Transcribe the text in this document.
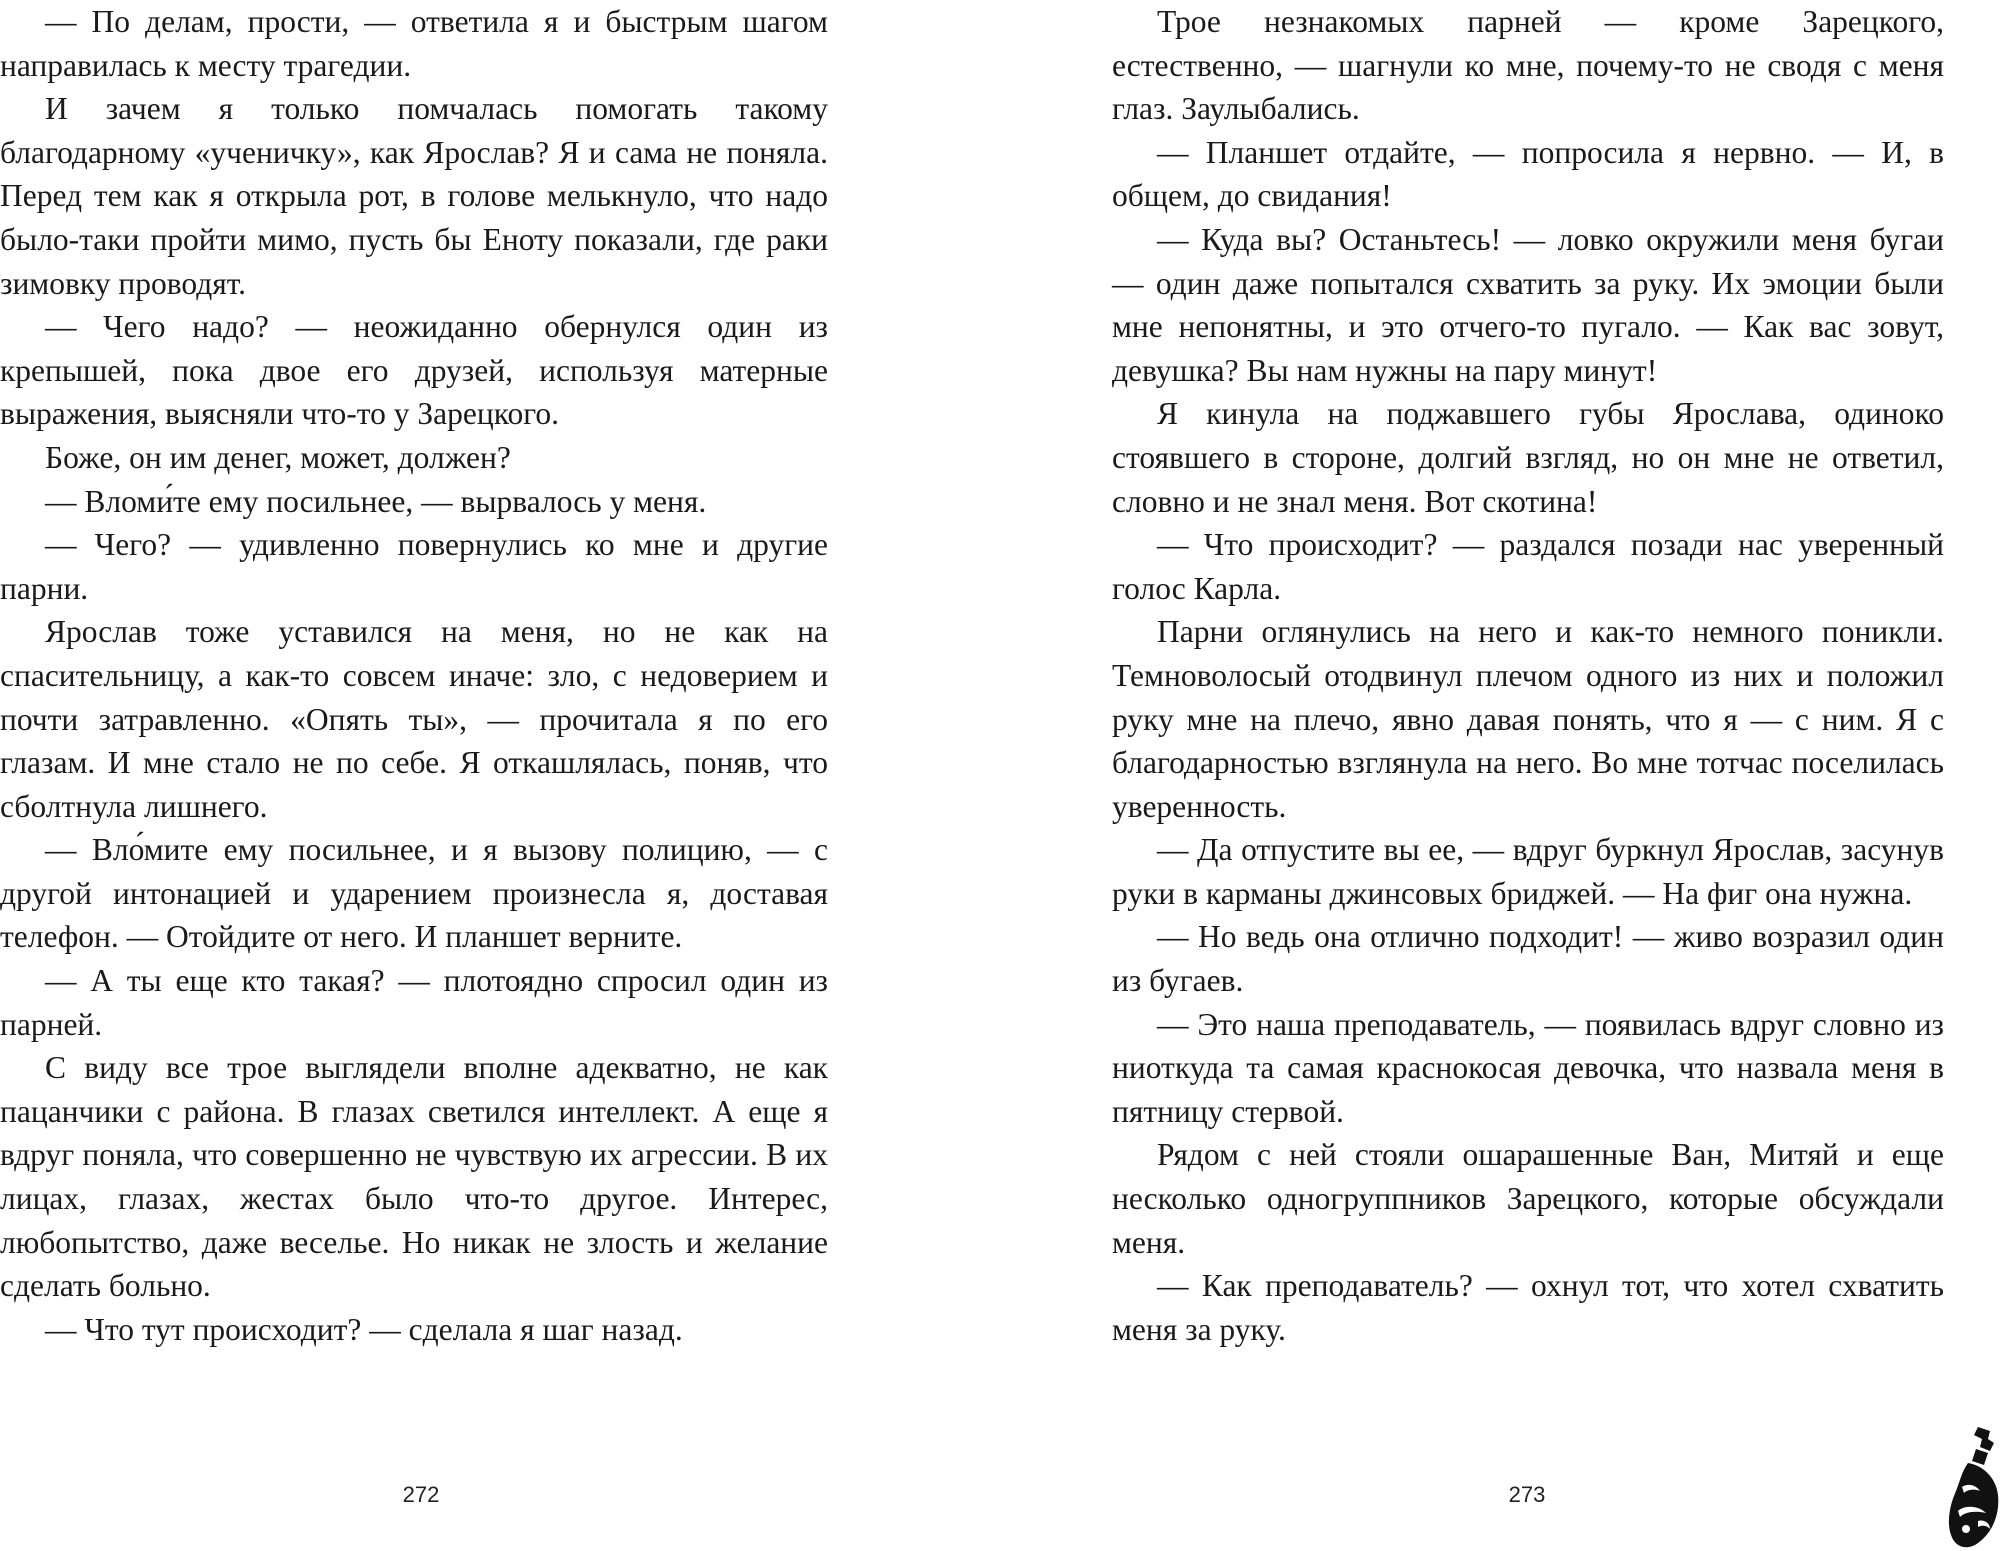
— По делам, прости, — ответила я и быстрым шагом направилась к месту трагедии.

И зачем я только помчалась помогать такому благодарному «ученичку», как Ярослав? Я и сама не поняла. Перед тем как я открыла рот, в голове мелькнуло, что надо было-таки пройти мимо, пусть бы Еноту показали, где раки зимовку проводят.

— Чего надо? — неожиданно обернулся один из крепышей, пока двое его друзей, используя матерные выражения, выясняли что-то у Зарецкого.

Боже, он им денег, может, должен?

— Вломи́те ему посильнее, — вырвалось у меня.

— Чего? — удивленно повернулись ко мне и другие парни.

Ярослав тоже уставился на меня, но не как на спасительницу, а как-то совсем иначе: зло, с недоверием и почти затравленно. «Опять ты», — прочитала я по его глазам. И мне стало не по себе. Я откашлялась, поняв, что сболтнула лишнего.

— Вло́мите ему посильнее, и я вызову полицию, — с другой интонацией и ударением произнесла я, доставая телефон. — Отойдите от него. И планшет верните.

— А ты еще кто такая? — плотоядно спросил один из парней.

С виду все трое выглядели вполне адекватно, не как пацанчики с района. В глазах светился интеллект. А еще я вдруг поняла, что совершенно не чувствую их агрессии. В их лицах, глазах, жестах было что-то другое. Интерес, любопытство, даже веселье. Но никак не злость и желание сделать больно.

— Что тут происходит? — сделала я шаг назад.

272

Трое незнакомых парней — кроме Зарецкого, естественно, — шагнули ко мне, почему-то не сводя с меня глаз. Заулыбались.

— Планшет отдайте, — попросила я нервно. — И, в общем, до свидания!

— Куда вы? Останьтесь! — ловко окружили меня бугаи — один даже попытался схватить за руку. Их эмоции были мне непонятны, и это отчего-то пугало. — Как вас зовут, девушка? Вы нам нужны на пару минут!

Я кинула на поджавшего губы Ярослава, одиноко стоявшего в стороне, долгий взгляд, но он мне не ответил, словно и не знал меня. Вот скотина!

— Что происходит? — раздался позади нас уверенный голос Карла.

Парни оглянулись на него и как-то немного поникли. Темноволосый отодвинул плечом одного из них и положил руку мне на плечо, явно давая понять, что я — с ним. Я с благодарностью взглянула на него. Во мне тотчас поселилась уверенность.

— Да отпустите вы ее, — вдруг буркнул Ярослав, засунув руки в карманы джинсовых бриджей. — На фиг она нужна.

— Но ведь она отлично подходит! — живо возразил один из бугаев.

— Это наша преподаватель, — появилась вдруг словно из ниоткуда та самая краснокосая девочка, что назвала меня в пятницу стервой.

Рядом с ней стояли ошарашенные Ван, Митяй и еще несколько одногруппников Зарецкого, которые обсуждали меня.

— Как преподаватель? — охнул тот, что хотел схватить меня за руку.

273
